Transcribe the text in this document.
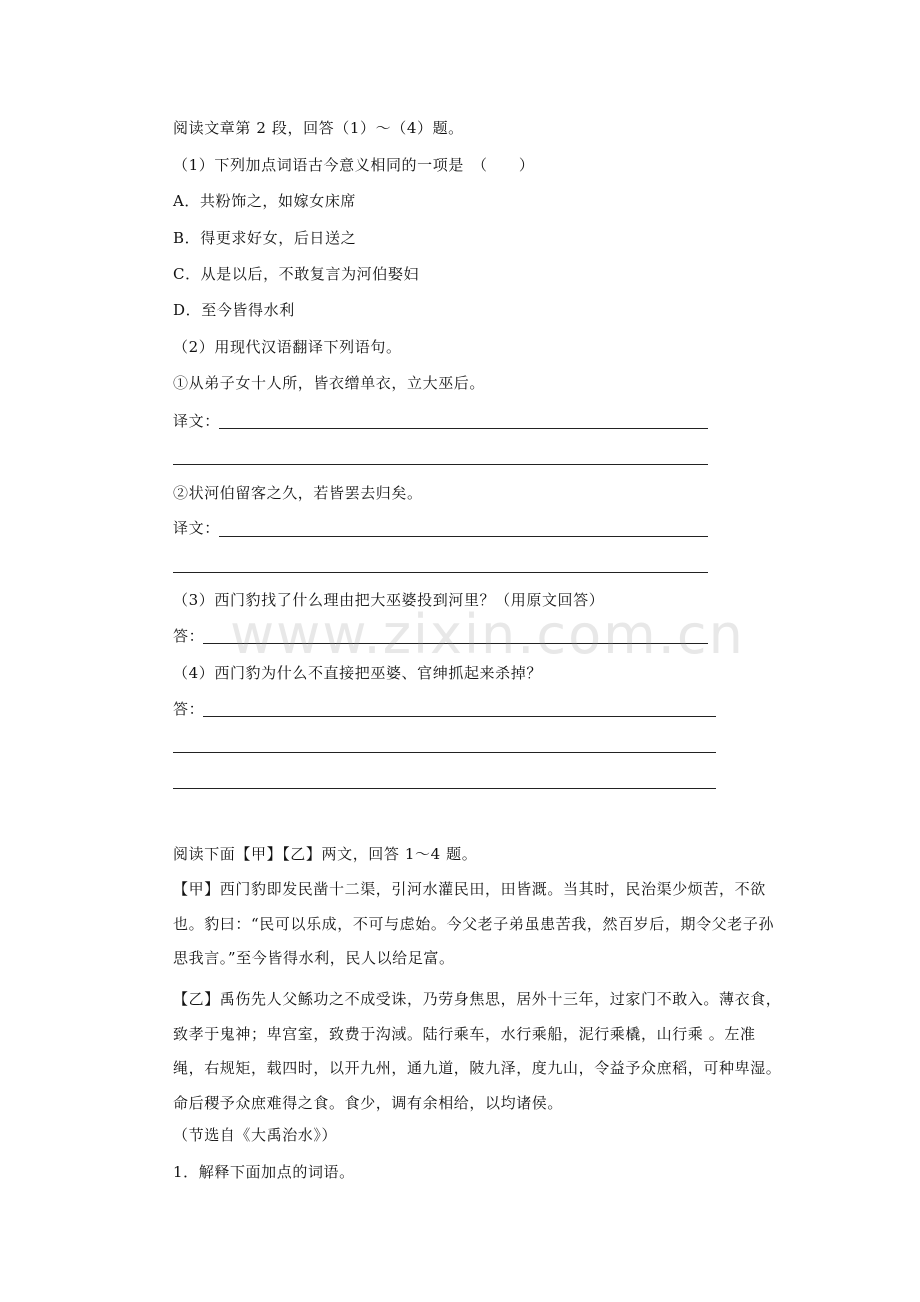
阅读文章第 2 段，回答（1）～（4）题。
（1）下列加点词语古今意义相同的一项是　（　　）
A．共粉饰之，如嫁女床席
B．得更求好女，后日送之
C．从是以后，不敢复言为河伯娶妇
D．至今皆得水利
（2）用现代汉语翻译下列语句。
①从弟子女十人所，皆衣缯单衣，立大巫后。
译文：
②状河伯留客之久，若皆罢去归矣。
译文：
（3）西门豹找了什么理由把大巫婆投到河里？（用原文回答）
答：
（4）西门豹为什么不直接把巫婆、官绅抓起来杀掉？
答：
www.zixin.com.cn
阅读下面【甲】【乙】两文，回答 1～4 题。
【甲】西门豹即发民凿十二渠，引河水灌民田，田皆溉。当其时，民治渠少烦苦，不欲也。豹曰：“民可以乐成，不可与虑始。今父老子弟虽患苦我，然百岁后，期令父老子孙思我言。”至今皆得水利，民人以给足富。
【乙】禹伤先人父鲧功之不成受诛，乃劳身焦思，居外十三年，过家门不敢入。薄衣食，致孝于鬼神；卑宫室，致费于沟淢。陆行乘车，水行乘船，泥行乘橇，山行乘 。左准绳，右规矩，载四时，以开九州，通九道，陂九泽，度九山，令益予众庶稻，可种卑湿。命后稷予众庶难得之食。食少，调有余相给，以均诸侯。
（节选自《大禹治水》）
1．解释下面加点的词语。
